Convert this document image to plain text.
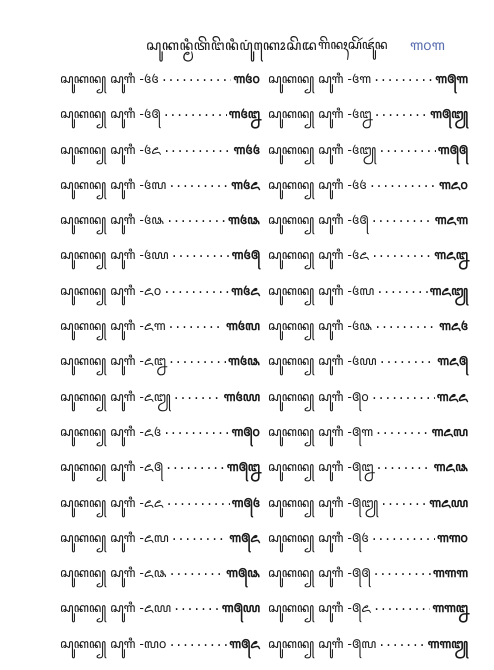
ꦱꦸꦏꦤ꧀ꦩꦶꦠꦼꦔꦼꦤꦶꦥꦸꦁꦏꦺꦴꦱꦼꦢ ꦒꦼꦤꦃꦱꦼꦂꦗꦸꦂꦤ ꧑꧐꧑
ꦱꦸꦏꦤ꧀ ꦱꦸꦒꦶ -꧔꧔ .....	꧑꧔꧐
ꦱꦸꦏꦤ꧀ ꦱꦸꦒꦶ -꧔꧕ .....	꧑꧔꧒
ꦱꦸꦏꦤ꧀ ꦱꦸꦒꦶ -꧔꧖ .....	꧑꧔꧔
ꦱꦸꦏꦤ꧀ ꦱꦸꦒꦶ -꧔꧗ .....	꧑꧔꧖
ꦱꦸꦏꦤ꧀ ꦱꦸꦒꦶ -꧔꧘ .....	꧑꧔꧘
ꦱꦸꦏꦤ꧀ ꦱꦸꦒꦶ -꧔꧙ .....	꧑꧔꧕
ꦱꦸꦏꦤ꧀ ꦱꦸꦒꦶ -꧖꧐ .....	꧑꧔꧖
ꦱꦸꦏꦤ꧀ ꦱꦸꦒꦶ -꧖꧑ .....	꧑꧔꧗
ꦱꦸꦏꦤ꧀ ꦱꦸꦒꦶ -꧖꧒ .....	꧑꧔꧘
ꦱꦸꦏꦤ꧀ ꦱꦸꦒꦶ -꧖꧓ .....	꧑꧔꧙
ꦱꦸꦏꦤ꧀ ꦱꦸꦒꦶ -꧖꧔ .....	꧑꧕꧐
ꦱꦸꦏꦤ꧀ ꦱꦸꦒꦶ -꧖꧕ .....	꧑꧕꧒
ꦱꦸꦏꦤ꧀ ꦱꦸꦒꦶ -꧖꧖ .....	꧑꧕꧔
ꦱꦸꦏꦤ꧀ ꦱꦸꦒꦶ -꧖꧗ .....	꧑꧕꧖
ꦱꦸꦏꦤ꧀ ꦱꦸꦒꦶ -꧖꧘ .....	꧑꧕꧘
ꦱꦸꦏꦤ꧀ ꦱꦸꦒꦶ -꧖꧙ .....	꧑꧕꧙
ꦱꦸꦏꦤ꧀ ꦱꦸꦒꦶ -꧗꧐ .....	꧑꧕꧖
ꦱꦸꦏꦤ꧀ ꦱꦸꦒꦶ -꧔꧑ .....	꧑꧕꧑
ꦱꦸꦏꦤ꧀ ꦱꦸꦒꦶ -꧔꧒ .....	꧑꧕꧓
ꦱꦸꦏꦤ꧀ ꦱꦸꦒꦶ -꧔꧓ .....	꧑꧕꧕
ꦱꦸꦏꦤ꧀ ꦱꦸꦒꦶ -꧔꧔ .....	꧑꧖꧐
ꦱꦸꦏꦤ꧀ ꦱꦸꦒꦶ -꧔꧕ .....	꧑꧖꧑
ꦱꦸꦏꦤ꧀ ꦱꦸꦒꦶ -꧔꧖ .....	꧑꧖꧒
ꦱꦸꦏꦤ꧀ ꦱꦸꦒꦶ -꧔꧗ .....	꧑꧖꧓
ꦱꦸꦏꦤ꧀ ꦱꦸꦒꦶ -꧔꧘ .....	꧑꧖꧔
ꦱꦸꦏꦤ꧀ ꦱꦸꦒꦶ -꧔꧙ .....	꧑꧖꧕
ꦱꦸꦏꦤ꧀ ꦱꦸꦒꦶ -꧕꧐ .....	꧑꧖꧖
ꦱꦸꦏꦤ꧀ ꦱꦸꦒꦶ -꧕꧑ .....	꧑꧖꧗
ꦱꦸꦏꦤ꧀ ꦱꦸꦒꦶ -꧕꧒ .....	꧑꧖꧘
ꦱꦸꦏꦤ꧀ ꦱꦸꦒꦶ -꧕꧓ .....	꧑꧖꧙
ꦱꦸꦏꦤ꧀ ꦱꦸꦒꦶ -꧕꧔ .....	꧑꧑꧐
ꦱꦸꦏꦤ꧀ ꦱꦸꦒꦶ -꧕꧕ .....	꧑꧑꧑
ꦱꦸꦏꦤ꧀ ꦱꦸꦒꦶ -꧕꧖ .....	꧑꧑꧒
ꦱꦸꦏꦤ꧀ ꦱꦸꦒꦶ -꧕꧗ .....	꧑꧑꧓
